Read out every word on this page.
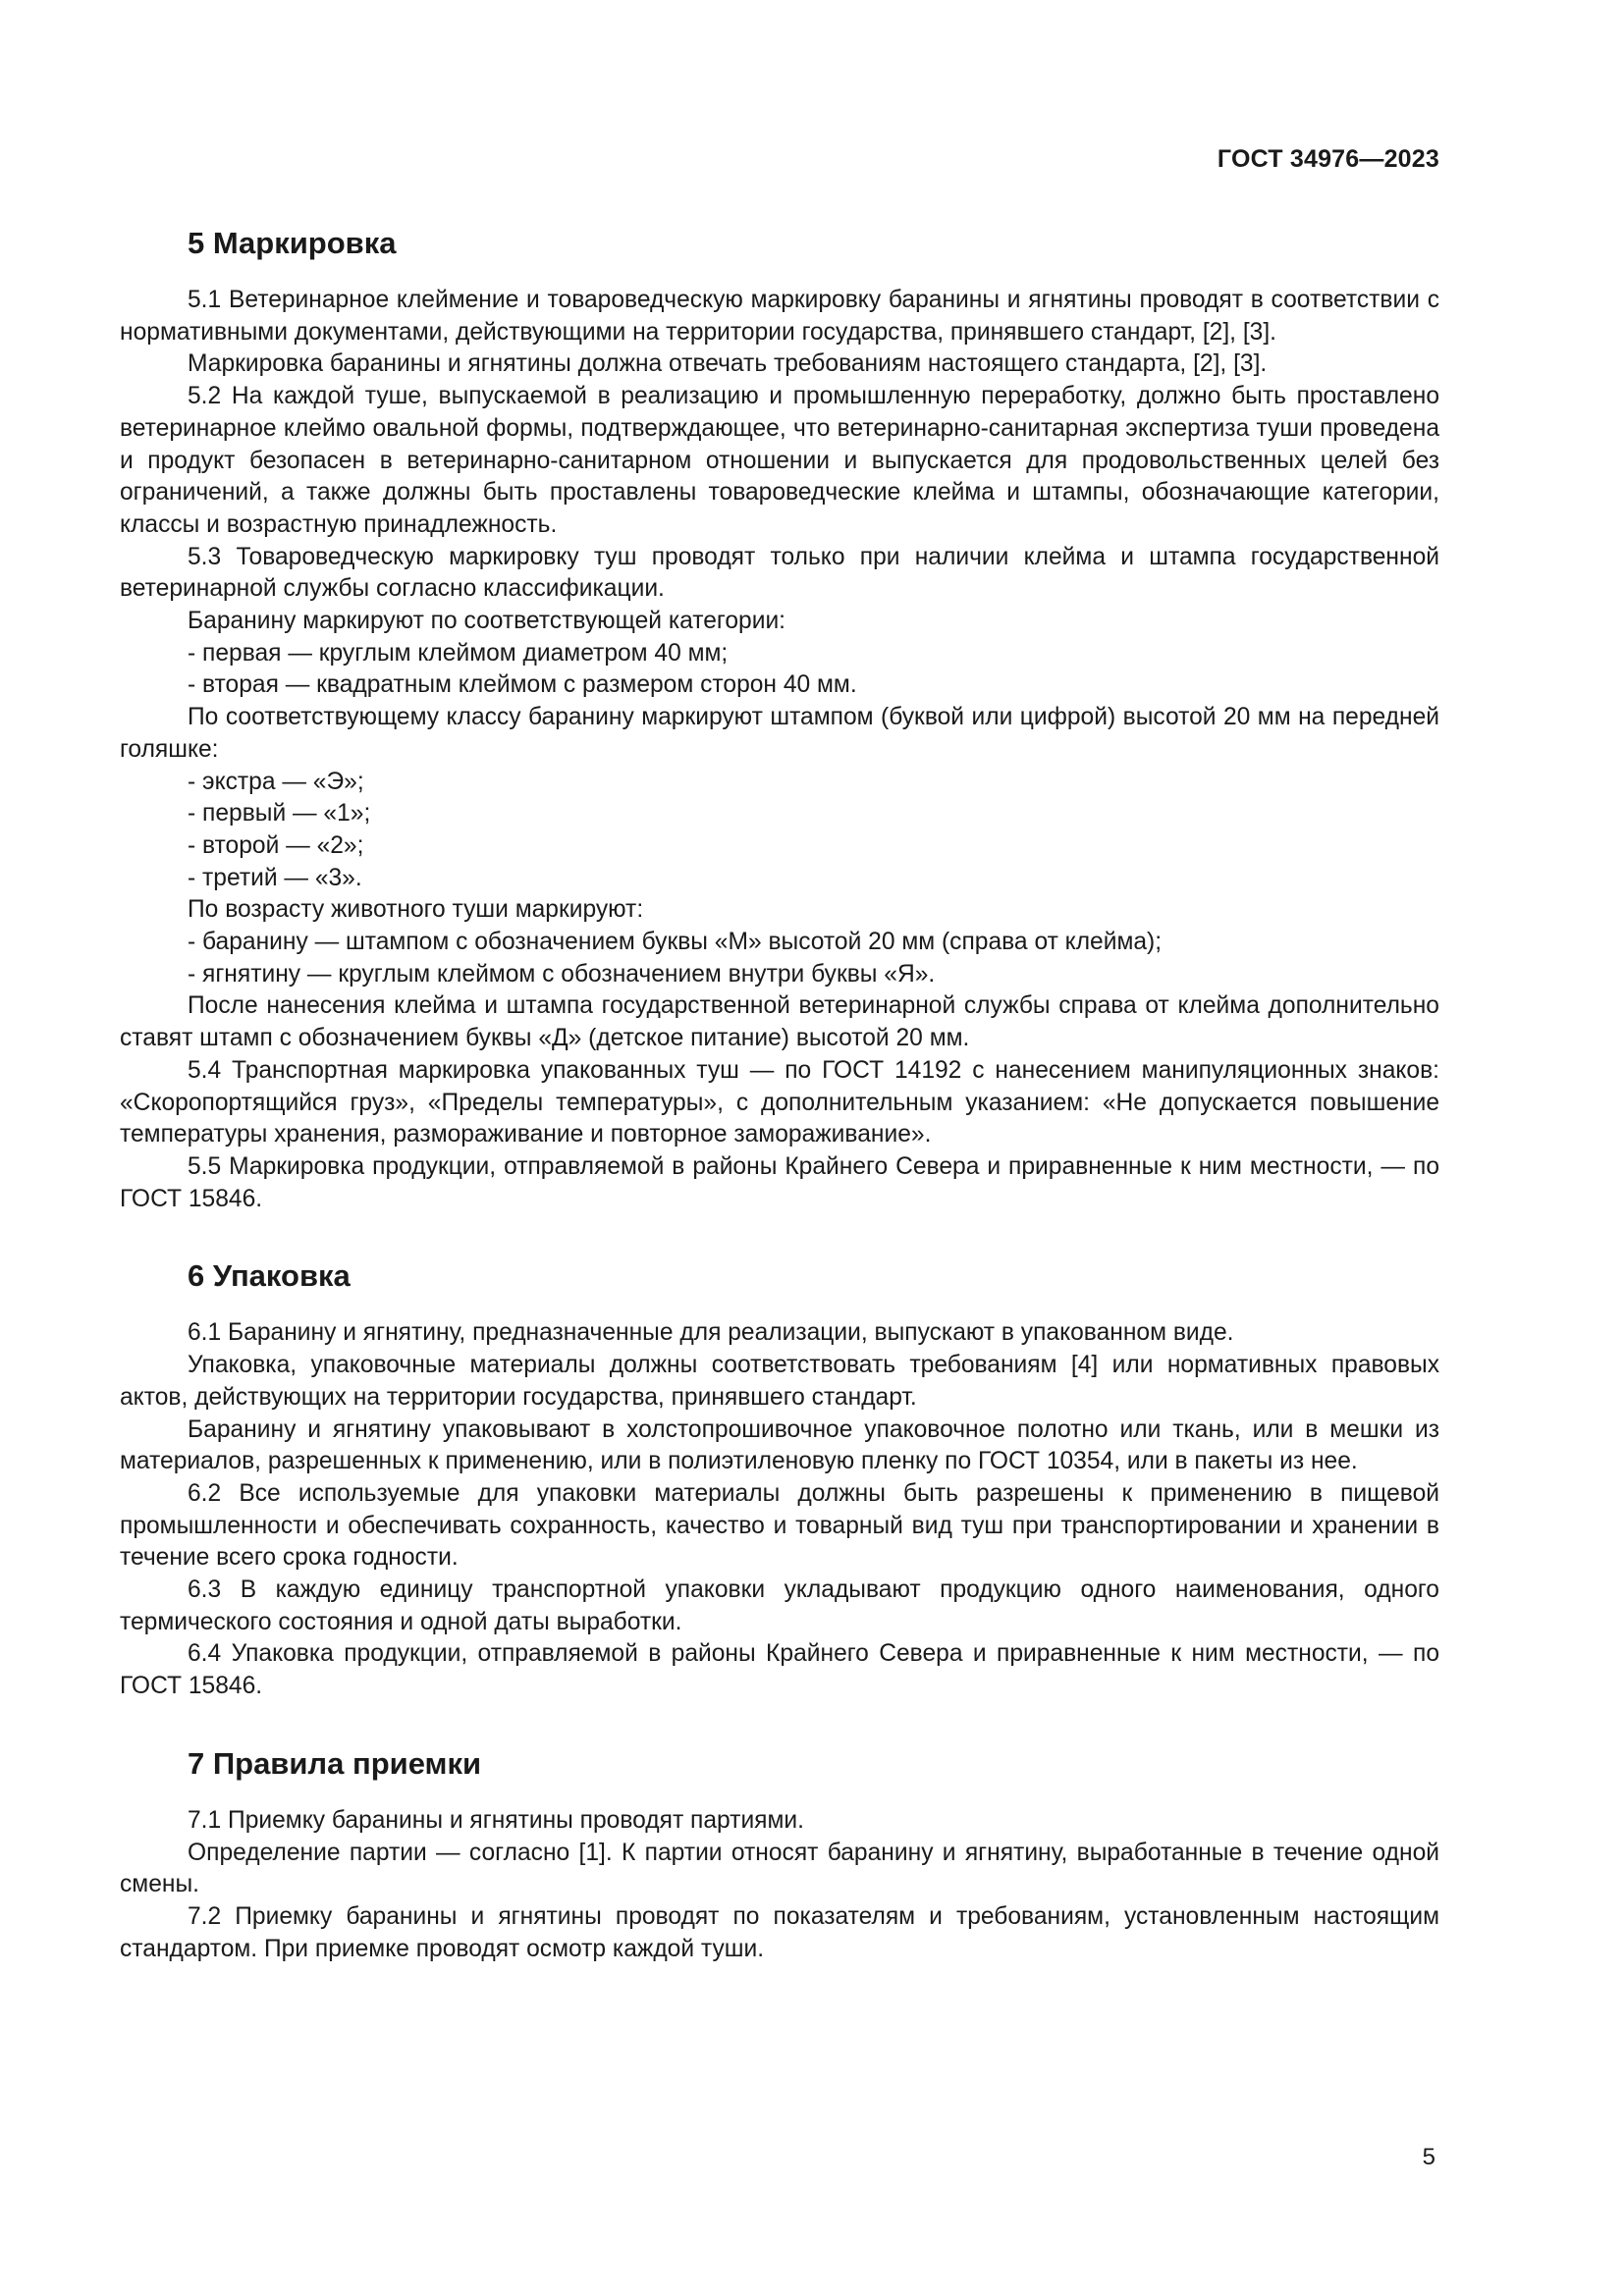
ГОСТ 34976—2023
5 Маркировка

5.1 Ветеринарное клеймение и товароведческую маркировку баранины и ягнятины проводят в соответствии с нормативными документами, действующими на территории государства, принявшего стандарт, [2], [3].

Маркировка баранины и ягнятины должна отвечать требованиям настоящего стандарта, [2], [3].

5.2 На каждой туше, выпускаемой в реализацию и промышленную переработку, должно быть проставлено ветеринарное клеймо овальной формы, подтверждающее, что ветеринарно-санитарная экспертиза туши проведена и продукт безопасен в ветеринарно-санитарном отношении и выпускается для продовольственных целей без ограничений, а также должны быть проставлены товароведческие клейма и штампы, обозначающие категории, классы и возрастную принадлежность.

5.3 Товароведческую маркировку туш проводят только при наличии клейма и штампа государственной ветеринарной службы согласно классификации.

Баранину маркируют по соответствующей категории:

- первая — круглым клеймом диаметром 40 мм;

- вторая — квадратным клеймом с размером сторон 40 мм.

По соответствующему классу баранину маркируют штампом (буквой или цифрой) высотой 20 мм на передней голяшке:

- экстра — «Э»;

- первый — «1»;

- второй — «2»;

- третий — «3».

По возрасту животного туши маркируют:

- баранину — штампом с обозначением буквы «М» высотой 20 мм (справа от клейма);

- ягнятину — круглым клеймом с обозначением внутри буквы «Я».

После нанесения клейма и штампа государственной ветеринарной службы справа от клейма дополнительно ставят штамп с обозначением буквы «Д» (детское питание) высотой 20 мм.

5.4 Транспортная маркировка упакованных туш — по ГОСТ 14192 с нанесением манипуляционных знаков: «Скоропортящийся груз», «Пределы температуры», с дополнительным указанием: «Не допускается повышение температуры хранения, размораживание и повторное замораживание».

5.5 Маркировка продукции, отправляемой в районы Крайнего Севера и приравненные к ним местности, — по ГОСТ 15846.

6 Упаковка

6.1 Баранину и ягнятину, предназначенные для реализации, выпускают в упакованном виде.

Упаковка, упаковочные материалы должны соответствовать требованиям [4] или нормативных правовых актов, действующих на территории государства, принявшего стандарт.

Баранину и ягнятину упаковывают в холстопрошивочное упаковочное полотно или ткань, или в мешки из материалов, разрешенных к применению, или в полиэтиленовую пленку по ГОСТ 10354, или в пакеты из нее.

6.2 Все используемые для упаковки материалы должны быть разрешены к применению в пищевой промышленности и обеспечивать сохранность, качество и товарный вид туш при транспортировании и хранении в течение всего срока годности.

6.3 В каждую единицу транспортной упаковки укладывают продукцию одного наименования, одного термического состояния и одной даты выработки.

6.4 Упаковка продукции, отправляемой в районы Крайнего Севера и приравненные к ним местности, — по ГОСТ 15846.

7 Правила приемки

7.1 Приемку баранины и ягнятины проводят партиями.

Определение партии — согласно [1]. К партии относят баранину и ягнятину, выработанные в течение одной смены.

7.2 Приемку баранины и ягнятины проводят по показателям и требованиям, установленным настоящим стандартом. При приемке проводят осмотр каждой туши.

5
